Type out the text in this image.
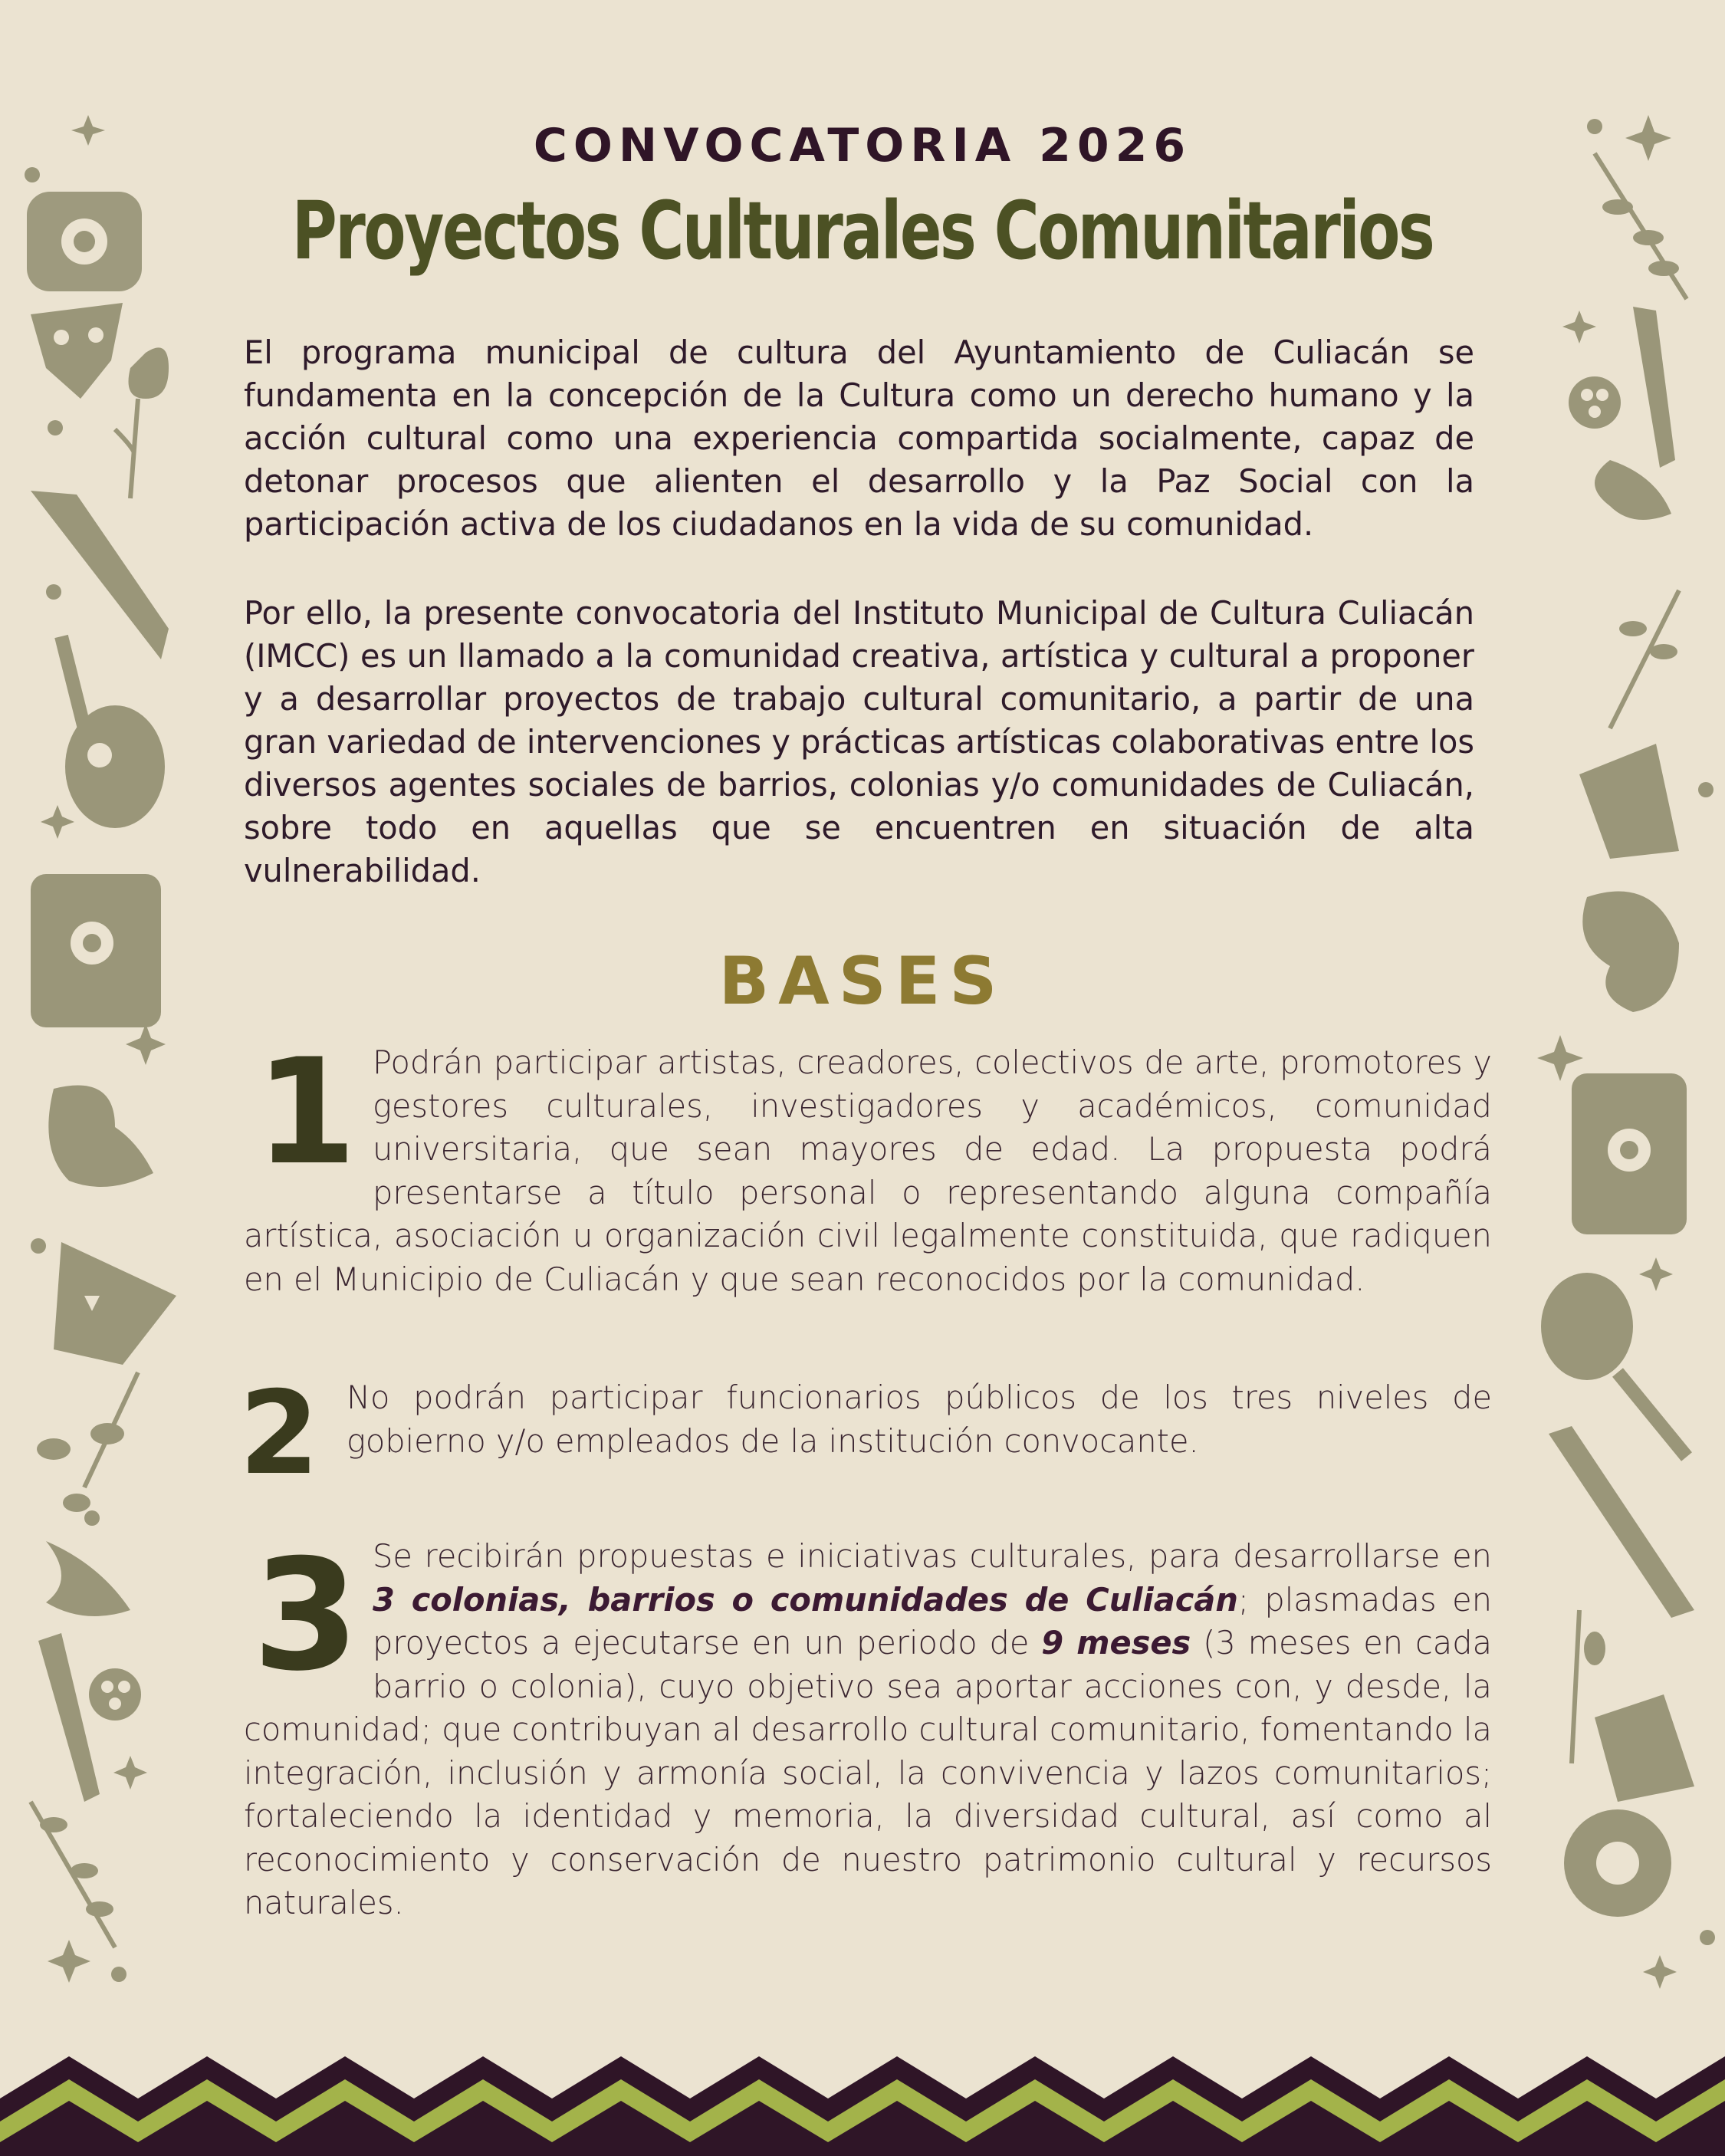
CONVOCATORIA 2026
Proyectos Culturales Comunitarios
El programa municipal de cultura del Ayuntamiento de Culiacán se fundamenta en la concepción de la Cultura como un derecho humano y la acción cultural como una experiencia compartida socialmente, capaz de detonar procesos que alienten el desarrollo y la Paz Social con la participación activa de los ciudadanos en la vida de su comunidad.
Por ello, la presente convocatoria del Instituto Municipal de Cultura Culiacán (IMCC) es un llamado a la comunidad creativa, artística y cultural a proponer y a desarrollar proyectos de trabajo cultural comunitario, a partir de una gran variedad de intervenciones y prácticas artísticas colaborativas entre los diversos agentes sociales de barrios, colonias y/o comunidades de Culiacán, sobre todo en aquellas que se encuentren en situación de alta vulnerabilidad.
BASES
1 Podrán participar artistas, creadores, colectivos de arte, promotores y gestores culturales, investigadores y académicos, comunidad universitaria, que sean mayores de edad. La propuesta podrá presentarse a título personal o representando alguna compañía artística, asociación u organización civil legalmente constituida, que radiquen en el Municipio de Culiacán y que sean reconocidos por la comunidad.
2 No podrán participar funcionarios públicos de los tres niveles de gobierno y/o empleados de la institución convocante.
3 Se recibirán propuestas e iniciativas culturales, para desarrollarse en 3 colonias, barrios o comunidades de Culiacán; plasmadas en proyectos a ejecutarse en un periodo de 9 meses (3 meses en cada barrio o colonia), cuyo objetivo sea aportar acciones con, y desde, la comunidad; que contribuyan al desarrollo cultural comunitario, fomentando la integración, inclusión y armonía social, la convivencia y lazos comunitarios; fortaleciendo la identidad y memoria, la diversidad cultural, así como al reconocimiento y conservación de nuestro patrimonio cultural y recursos naturales.
